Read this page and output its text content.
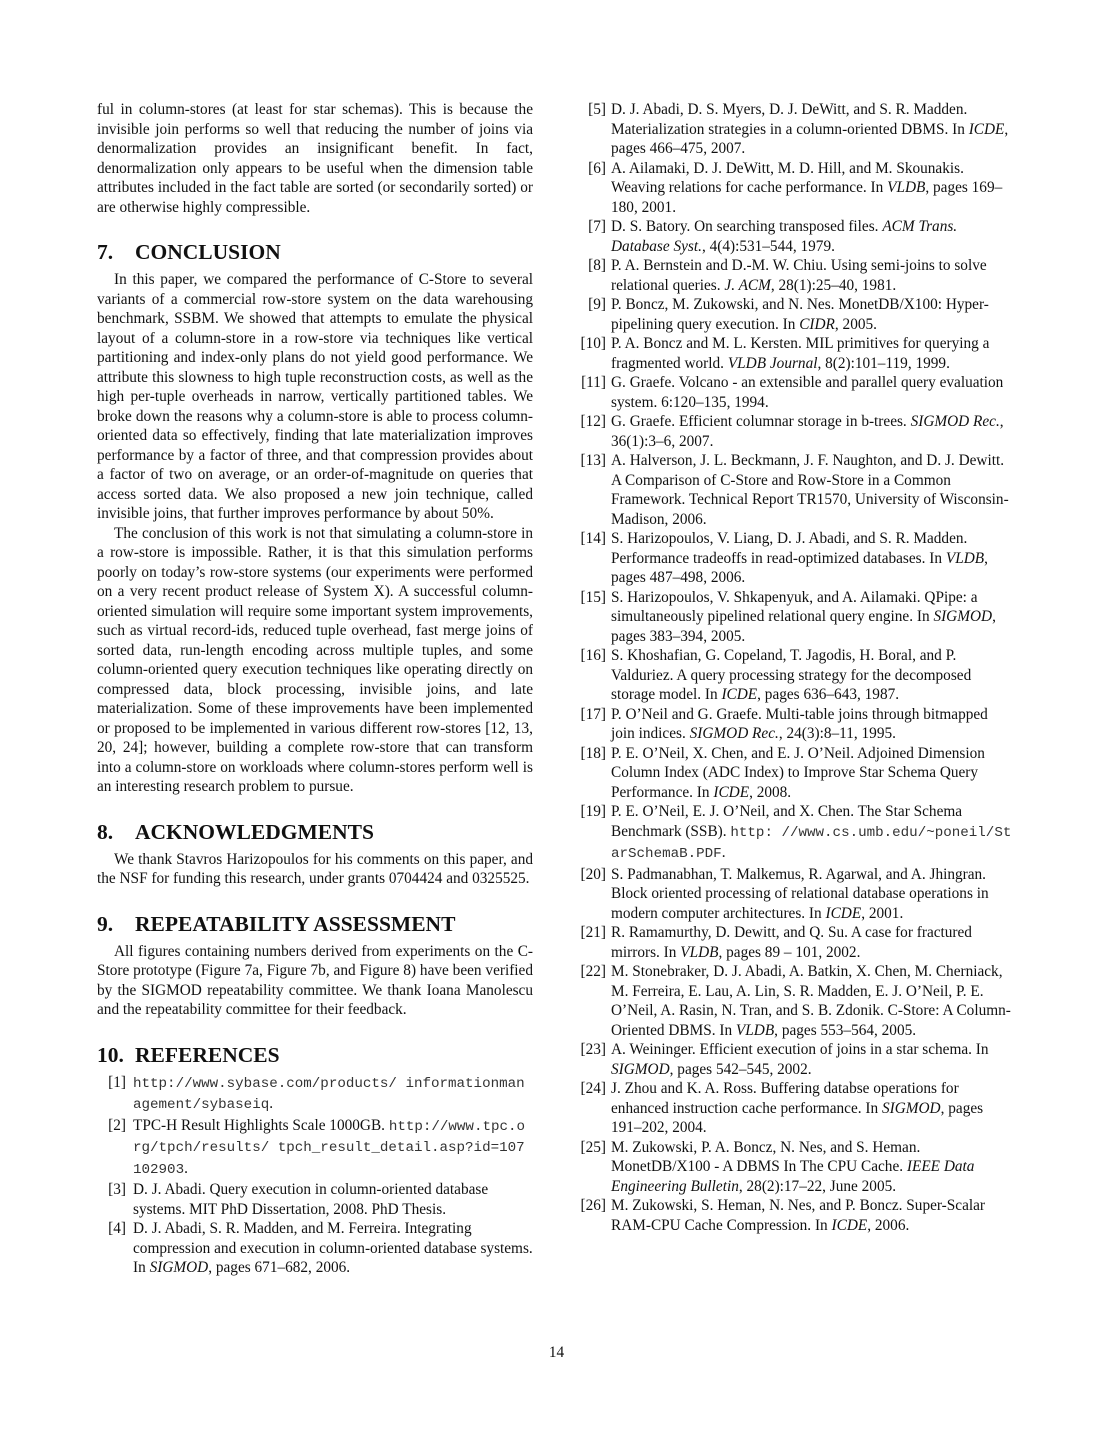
ful in column-stores (at least for star schemas). This is because the invisible join performs so well that reducing the number of joins via denormalization provides an insignificant benefit. In fact, denormalization only appears to be useful when the dimension table attributes included in the fact table are sorted (or secondarily sorted) or are otherwise highly compressible.

7. CONCLUSION

In this paper, we compared the performance of C-Store to several variants of a commercial row-store system on the data warehousing benchmark, SSBM. We showed that attempts to emulate the physical layout of a column-store in a row-store via techniques like vertical partitioning and index-only plans do not yield good performance. We attribute this slowness to high tuple reconstruction costs, as well as the high per-tuple overheads in narrow, vertically partitioned tables. We broke down the reasons why a column-store is able to process column-oriented data so effectively, finding that late materialization improves performance by a factor of three, and that compression provides about a factor of two on average, or an order-of-magnitude on queries that access sorted data. We also proposed a new join technique, called invisible joins, that further improves performance by about 50%.

The conclusion of this work is not that simulating a column-store in a row-store is impossible. Rather, it is that this simulation performs poorly on today’s row-store systems (our experiments were performed on a very recent product release of System X). A successful column-oriented simulation will require some important system improvements, such as virtual record-ids, reduced tuple overhead, fast merge joins of sorted data, run-length encoding across multiple tuples, and some column-oriented query execution techniques like operating directly on compressed data, block processing, invisible joins, and late materialization. Some of these improvements have been implemented or proposed to be implemented in various different row-stores [12, 13, 20, 24]; however, building a complete row-store that can transform into a column-store on workloads where column-stores perform well is an interesting research problem to pursue.

8. ACKNOWLEDGMENTS

We thank Stavros Harizopoulos for his comments on this paper, and the NSF for funding this research, under grants 0704424 and 0325525.

9. REPEATABILITY ASSESSMENT

All figures containing numbers derived from experiments on the C-Store prototype (Figure 7a, Figure 7b, and Figure 8) have been verified by the SIGMOD repeatability committee. We thank Ioana Manolescu and the repeatability committee for their feedback.

10. REFERENCES
[1] http://www.sybase.com/products/ informationmanagement/sybaseiq.
[2] TPC-H Result Highlights Scale 1000GB. http://www.tpc.org/tpch/results/ tpch_result_detail.asp?id=107102903.
[3] D. J. Abadi. Query execution in column-oriented database systems. MIT PhD Dissertation, 2008. PhD Thesis.
[4] D. J. Abadi, S. R. Madden, and M. Ferreira. Integrating compression and execution in column-oriented database systems. In SIGMOD, pages 671–682, 2006.
[5] D. J. Abadi, D. S. Myers, D. J. DeWitt, and S. R. Madden. Materialization strategies in a column-oriented DBMS. In ICDE, pages 466–475, 2007.
[6] A. Ailamaki, D. J. DeWitt, M. D. Hill, and M. Skounakis. Weaving relations for cache performance. In VLDB, pages 169–180, 2001.
[7] D. S. Batory. On searching transposed files. ACM Trans. Database Syst., 4(4):531–544, 1979.
[8] P. A. Bernstein and D.-M. W. Chiu. Using semi-joins to solve relational queries. J. ACM, 28(1):25–40, 1981.
[9] P. Boncz, M. Zukowski, and N. Nes. MonetDB/X100: Hyper-pipelining query execution. In CIDR, 2005.
[10] P. A. Boncz and M. L. Kersten. MIL primitives for querying a fragmented world. VLDB Journal, 8(2):101–119, 1999.
[11] G. Graefe. Volcano - an extensible and parallel query evaluation system. 6:120–135, 1994.
[12] G. Graefe. Efficient columnar storage in b-trees. SIGMOD Rec., 36(1):3–6, 2007.
[13] A. Halverson, J. L. Beckmann, J. F. Naughton, and D. J. Dewitt. A Comparison of C-Store and Row-Store in a Common Framework. Technical Report TR1570, University of Wisconsin-Madison, 2006.
[14] S. Harizopoulos, V. Liang, D. J. Abadi, and S. R. Madden. Performance tradeoffs in read-optimized databases. In VLDB, pages 487–498, 2006.
[15] S. Harizopoulos, V. Shkapenyuk, and A. Ailamaki. QPipe: a simultaneously pipelined relational query engine. In SIGMOD, pages 383–394, 2005.
[16] S. Khoshafian, G. Copeland, T. Jagodis, H. Boral, and P. Valduriez. A query processing strategy for the decomposed storage model. In ICDE, pages 636–643, 1987.
[17] P. O’Neil and G. Graefe. Multi-table joins through bitmapped join indices. SIGMOD Rec., 24(3):8–11, 1995.
[18] P. E. O’Neil, X. Chen, and E. J. O’Neil. Adjoined Dimension Column Index (ADC Index) to Improve Star Schema Query Performance. In ICDE, 2008.
[19] P. E. O’Neil, E. J. O’Neil, and X. Chen. The Star Schema Benchmark (SSB). http: //www.cs.umb.edu/~poneil/StarSchemaB.PDF.
[20] S. Padmanabhan, T. Malkemus, R. Agarwal, and A. Jhingran. Block oriented processing of relational database operations in modern computer architectures. In ICDE, 2001.
[21] R. Ramamurthy, D. Dewitt, and Q. Su. A case for fractured mirrors. In VLDB, pages 89 – 101, 2002.
[22] M. Stonebraker, D. J. Abadi, A. Batkin, X. Chen, M. Cherniack, M. Ferreira, E. Lau, A. Lin, S. R. Madden, E. J. O’Neil, P. E. O’Neil, A. Rasin, N. Tran, and S. B. Zdonik. C-Store: A Column-Oriented DBMS. In VLDB, pages 553–564, 2005.
[23] A. Weininger. Efficient execution of joins in a star schema. In SIGMOD, pages 542–545, 2002.
[24] J. Zhou and K. A. Ross. Buffering databse operations for enhanced instruction cache performance. In SIGMOD, pages 191–202, 2004.
[25] M. Zukowski, P. A. Boncz, N. Nes, and S. Heman. MonetDB/X100 - A DBMS In The CPU Cache. IEEE Data Engineering Bulletin, 28(2):17–22, June 2005.
[26] M. Zukowski, S. Heman, N. Nes, and P. Boncz. Super-Scalar RAM-CPU Cache Compression. In ICDE, 2006.
14
